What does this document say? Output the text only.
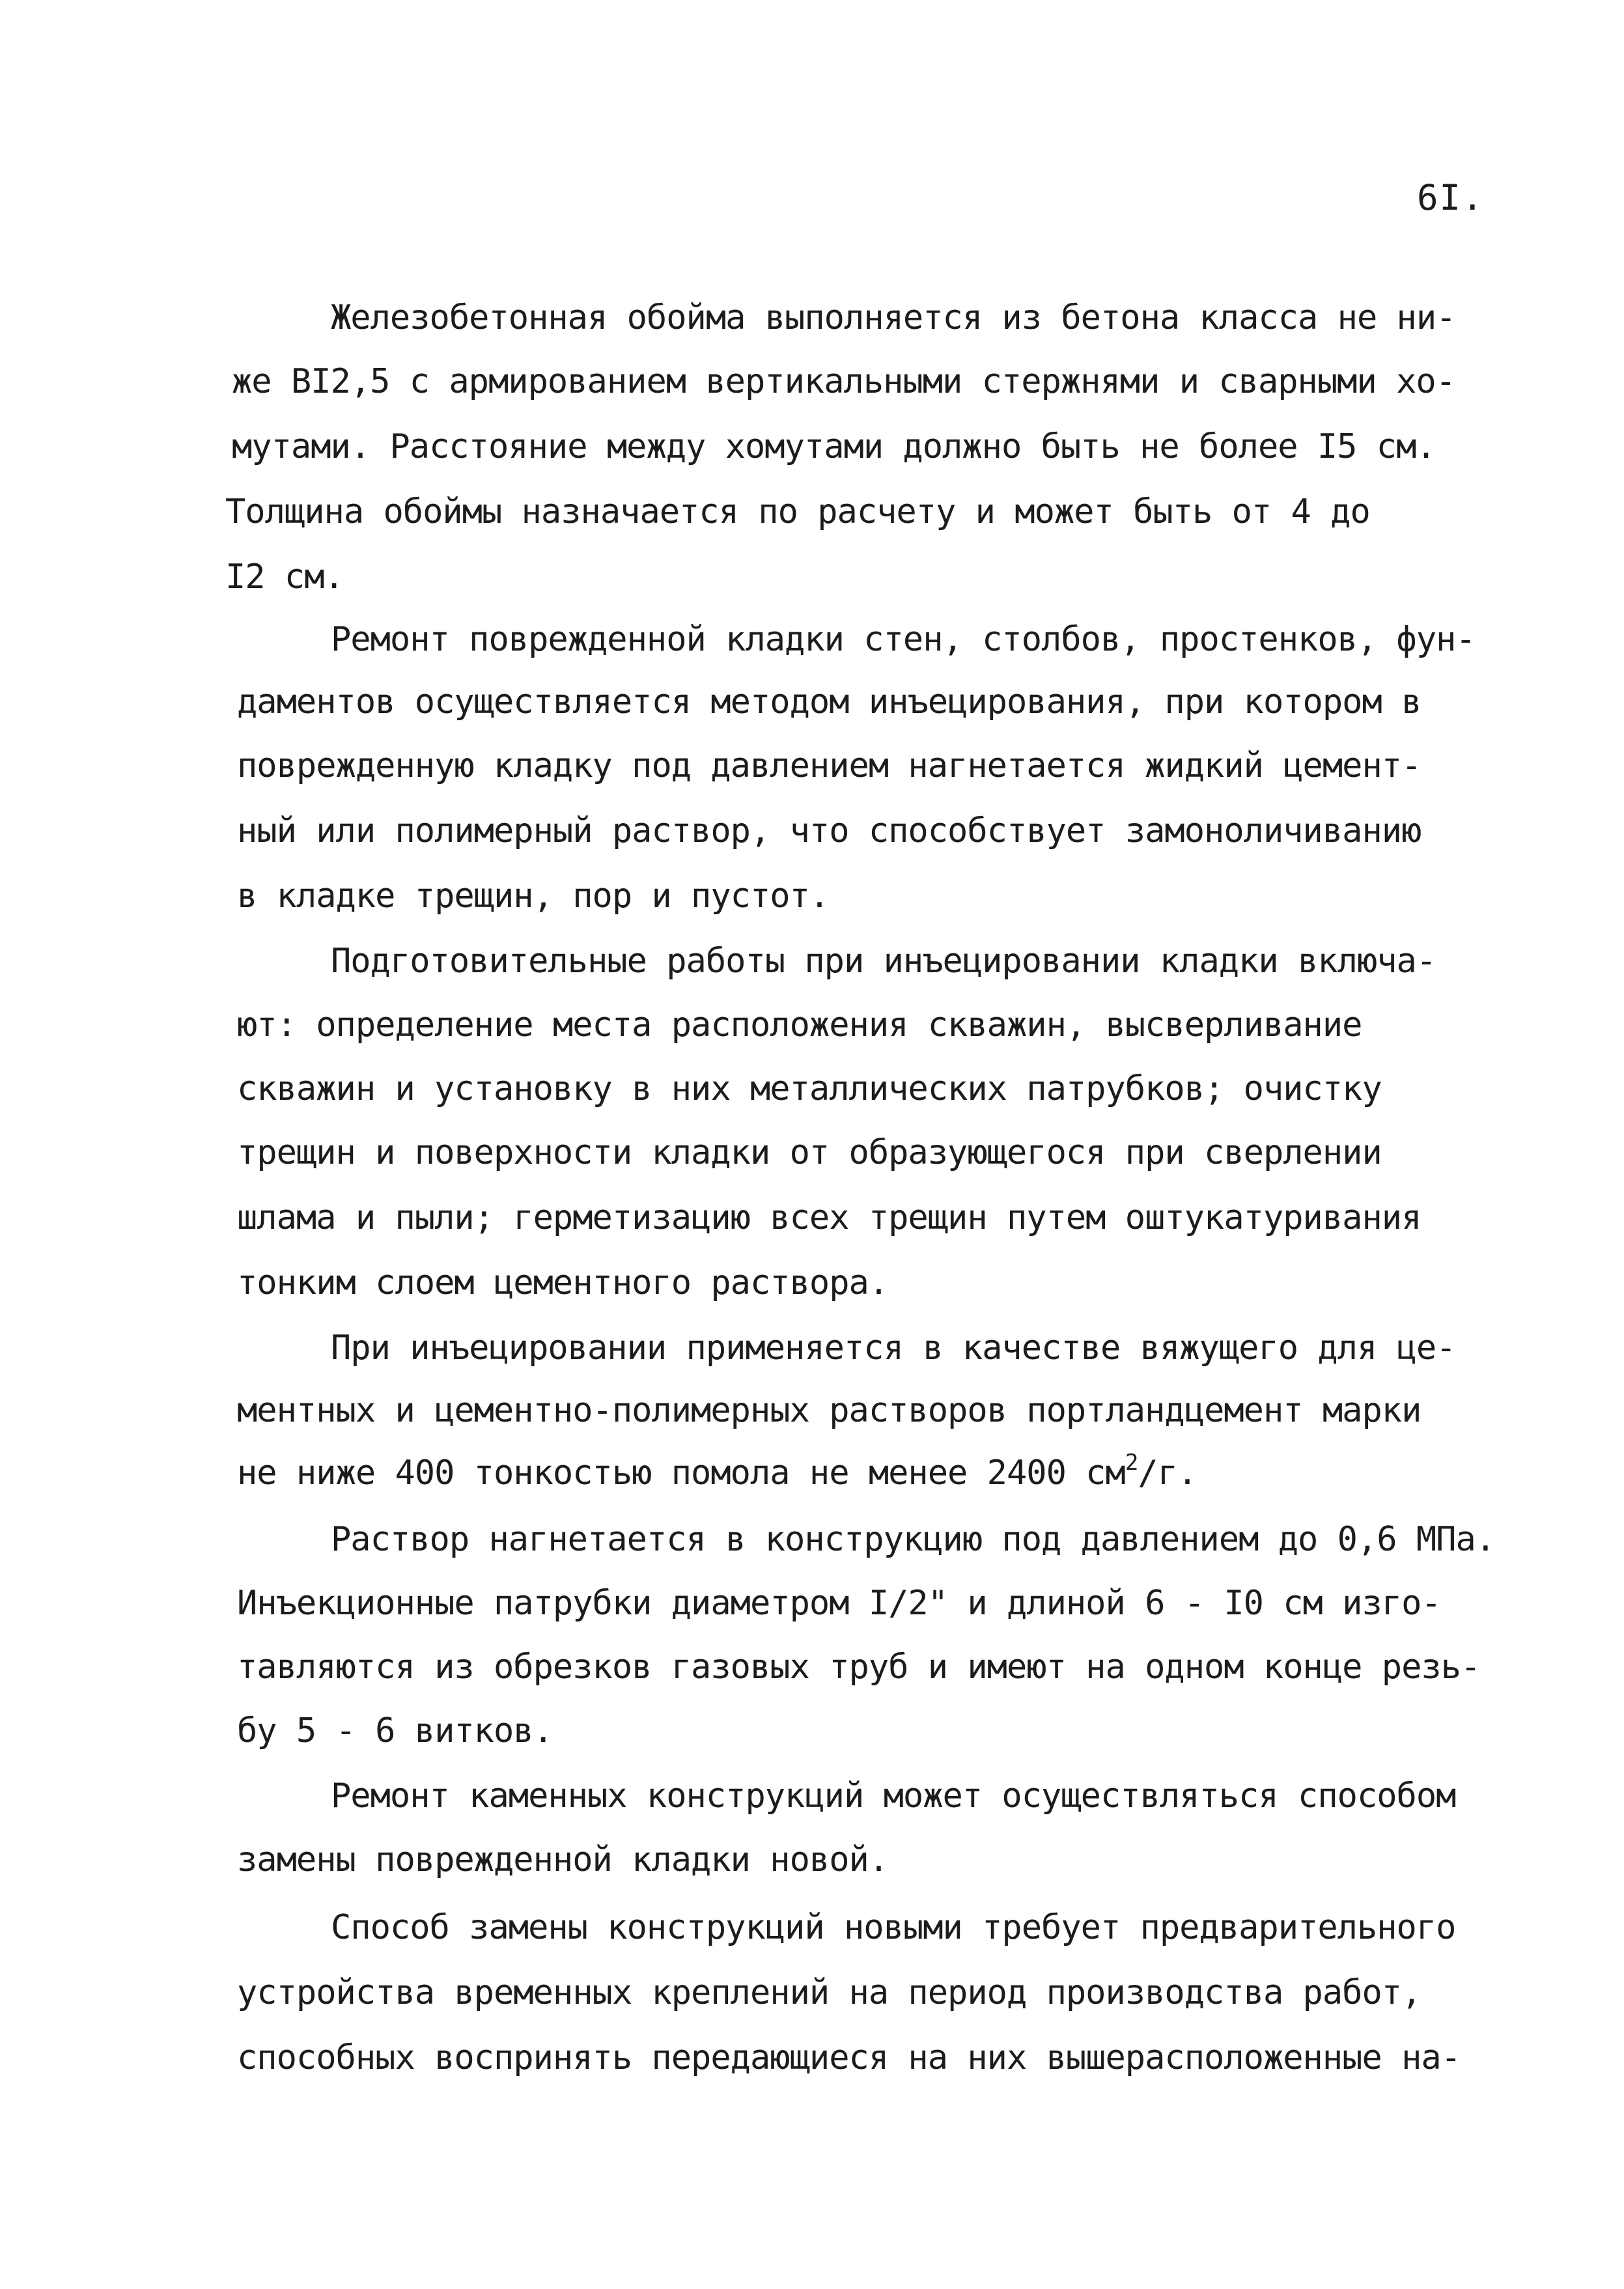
6I.
Железобетонная обойма выполняется из бетона класса не ни-
же BI2,5 с армированием вертикальными стержнями и сварными хо-
мутами. Расстояние между хомутами должно быть не более I5 см.
Толщина обоймы назначается по расчету и может быть от 4 до
I2 см.
Ремонт поврежденной кладки стен, столбов, простенков, фун-
даментов осуществляется методом инъецирования, при котором в
поврежденную кладку под давлением нагнетается жидкий цемент-
ный или полимерный раствор, что способствует замоноличиванию
в кладке трещин, пор и пустот.
Подготовительные работы при инъецировании кладки включа-
ют: определение места расположения скважин, высверливание
скважин и установку в них металлических патрубков; очистку
трещин и поверхности кладки от образующегося при сверлении
шлама и пыли; герметизацию всех трещин путем оштукатуривания
тонким слоем цементного раствора.
При инъецировании применяется в качестве вяжущего для це-
ментных и цементно-полимерных растворов портландцемент марки
не ниже 400 тонкостью помола не менее 2400 $см^2/г$.
Раствор нагнетается в конструкцию под давлением до 0,6 МПа.
Инъекционные патрубки диаметром I/2" и длиной 6 - I0 см изго-
тавляются из обрезков газовых труб и имеют на одном конце резь-
бу 5 - 6 витков.
Ремонт каменных конструкций может осуществляться способом
замены поврежденной кладки новой.
Способ замены конструкций новыми требует предварительного
устройства временных креплений на период производства работ,
способных воспринять передающиеся на них вышерасположенные на-
